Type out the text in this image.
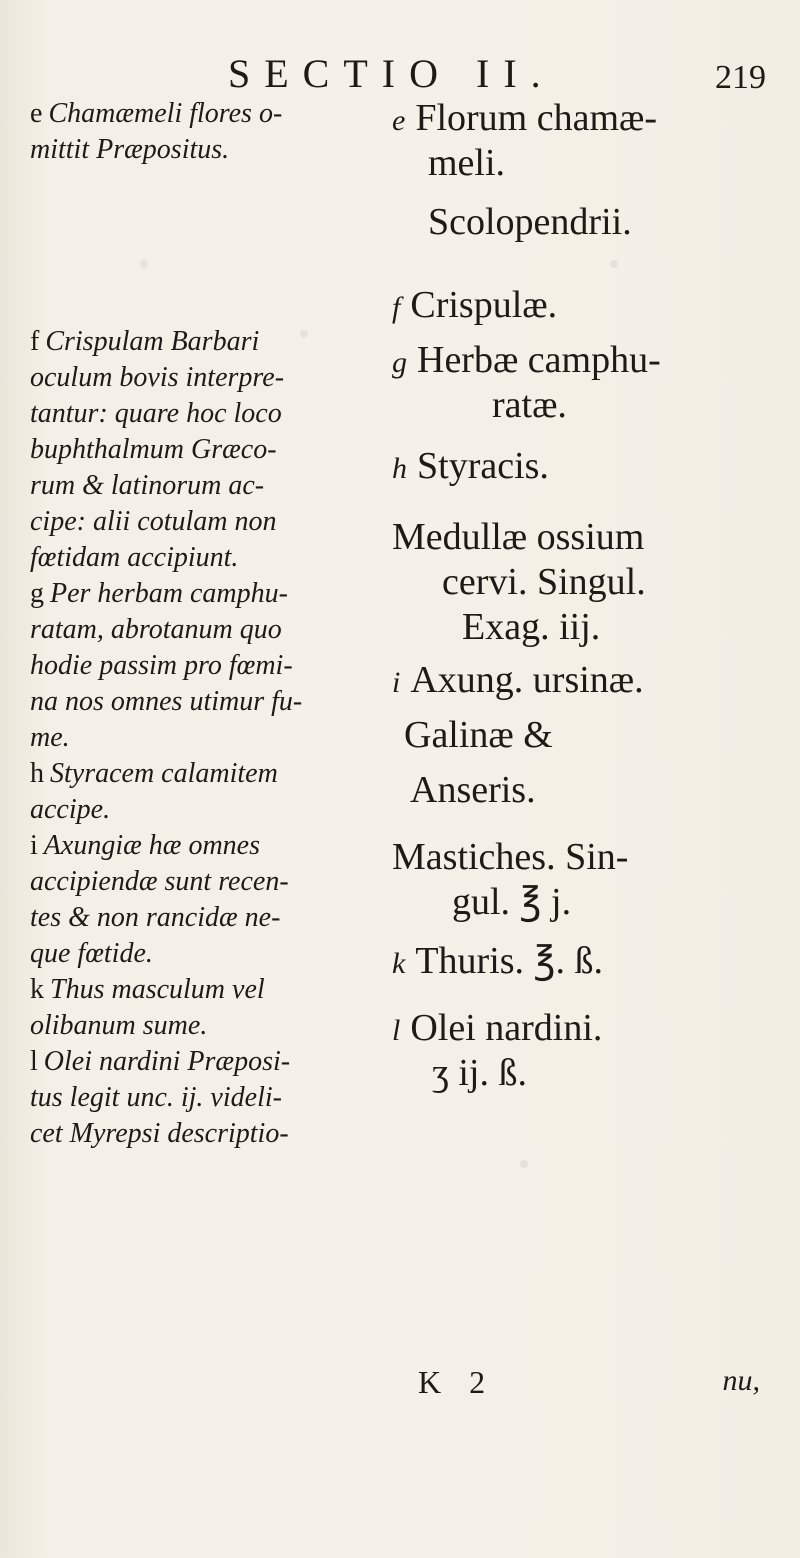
SECTIO II.	219
e Chamæmeli flores o-
mittit Præpositus.
f Crispulam Barbari
oculum bovis interpre-
tantur: quare hoc loco
buphthalmum Græco-
rum & latinorum ac-
cipe: alii cotulam non
fœtidam accipiunt.
g Per herbam camphu-
ratam, abrotanum quo
hodie passim pro fœmi-
na nos omnes utimur fu-
me.
h Styracem calamitem
accipe.
i Axungiæ hæ omnes
accipiendæ sunt recen-
tes & non rancidæ ne-
que fœtide.
k Thus masculum vel
olibanum sume.
l Olei nardini Præposi-
tus legit unc. ij. videli-
cet Myrepsi descriptio-
e Florum chamæ-
meli.
Scolopendrii.
f Crispulæ.
g Herbæ camphu-
ratæ.
h Styracis.
Medullæ ossium
cervi. Singul.
Exag. iij.
i Axung. ursinæ.
Galinæ &
Anseris.
Mastiches. Sin-
gul. ℥ j.
k Thuris. ℥. ß.
l Olei nardini.
ʒ ij. ß.
K 2	nu,
